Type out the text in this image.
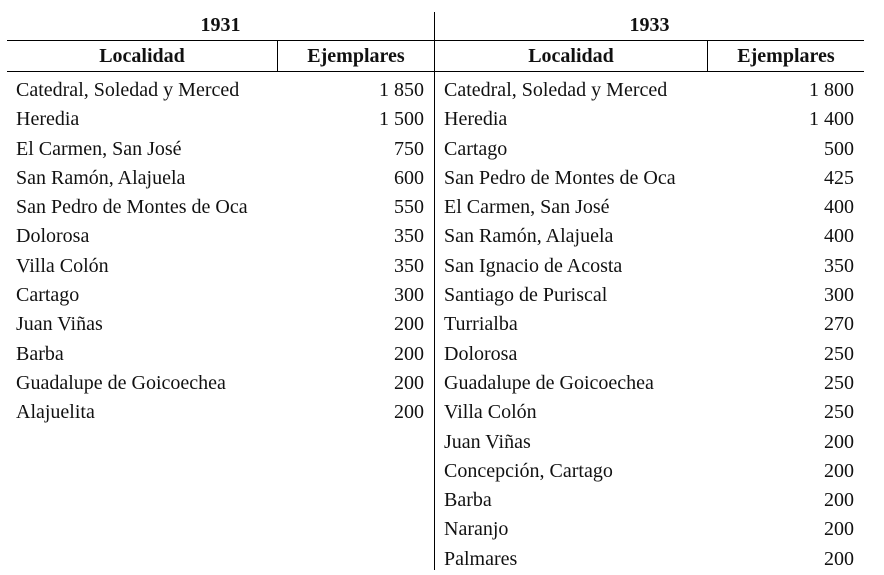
1931
Localidad	Ejemplares
Catedral, Soledad y Merced	1 850
Heredia	1 500
El Carmen, San José	750
San Ramón, Alajuela	600
San Pedro de Montes de Oca	550
Dolorosa	350
Villa Colón	350
Cartago	300
Juan Viñas	200
Barba	200
Guadalupe de Goicoechea	200
Alajuelita	200
1933
Localidad	Ejemplares
Catedral, Soledad y Merced	1 800
Heredia	1 400
Cartago	500
San Pedro de Montes de Oca	425
El Carmen, San José	400
San Ramón, Alajuela	400
San Ignacio de Acosta	350
Santiago de Puriscal	300
Turrialba	270
Dolorosa	250
Guadalupe de Goicoechea	250
Villa Colón	250
Juan Viñas	200
Concepción, Cartago	200
Barba	200
Naranjo	200
Palmares	200
